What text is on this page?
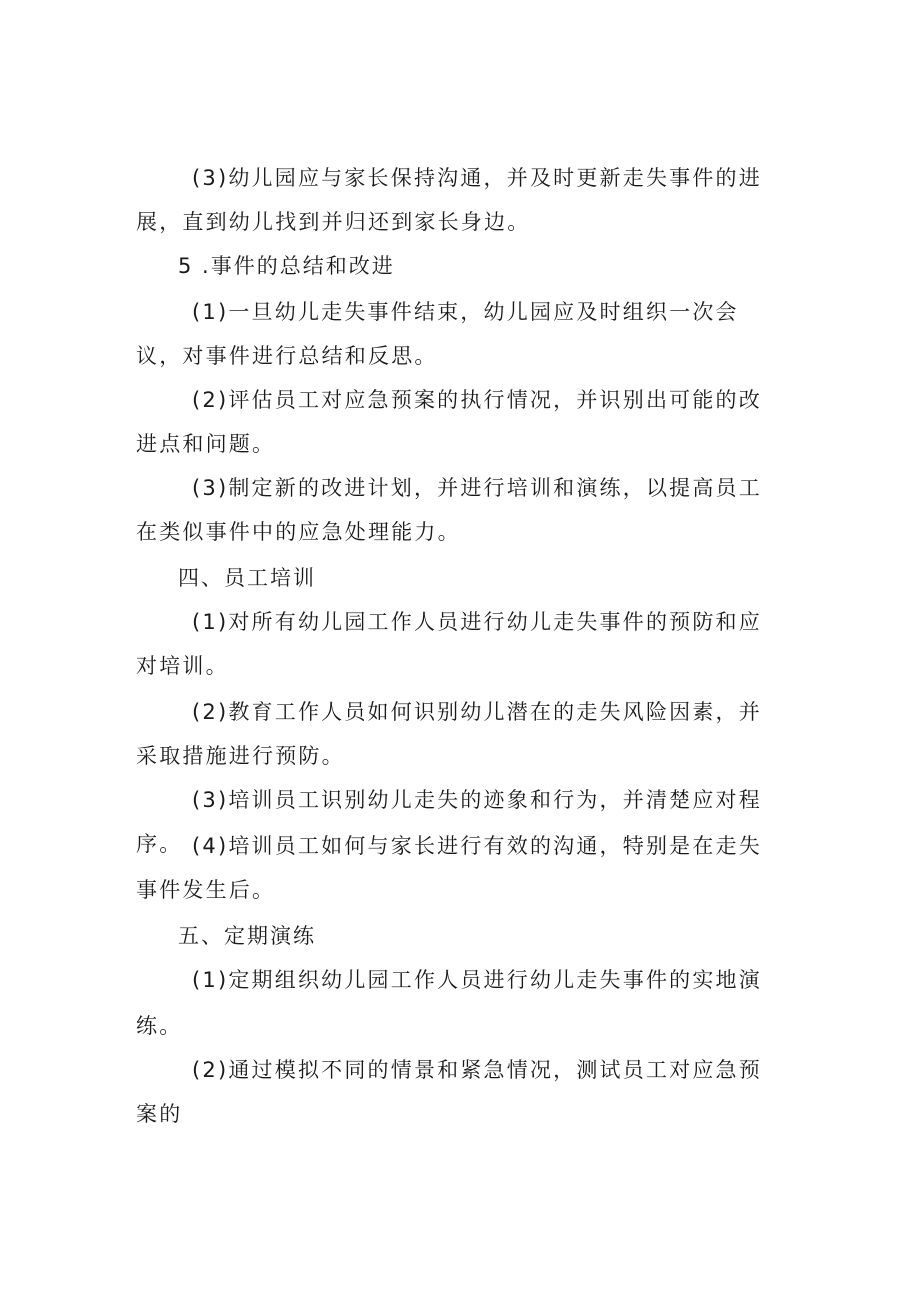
(3)幼儿园应与家长保持沟通，并及时更新走失事件的进展，直到幼儿找到并归还到家长身边。

5 .事件的总结和改进

(1)一旦幼儿走失事件结束，幼儿园应及时组织一次会议，对事件进行总结和反思。

(2)评估员工对应急预案的执行情况，并识别出可能的改进点和问题。

(3)制定新的改进计划，并进行培训和演练，以提高员工在类似事件中的应急处理能力。

四、员工培训

(1)对所有幼儿园工作人员进行幼儿走失事件的预防和应对培训。

(2)教育工作人员如何识别幼儿潜在的走失风险因素，并采取措施进行预防。

(3)培训员工识别幼儿走失的迹象和行为，并清楚应对程序。 (4)培训员工如何与家长进行有效的沟通，特别是在走失事件发生后。

五、定期演练

(1)定期组织幼儿园工作人员进行幼儿走失事件的实地演

练。

(2)通过模拟不同的情景和紧急情况，测试员工对应急预案的
